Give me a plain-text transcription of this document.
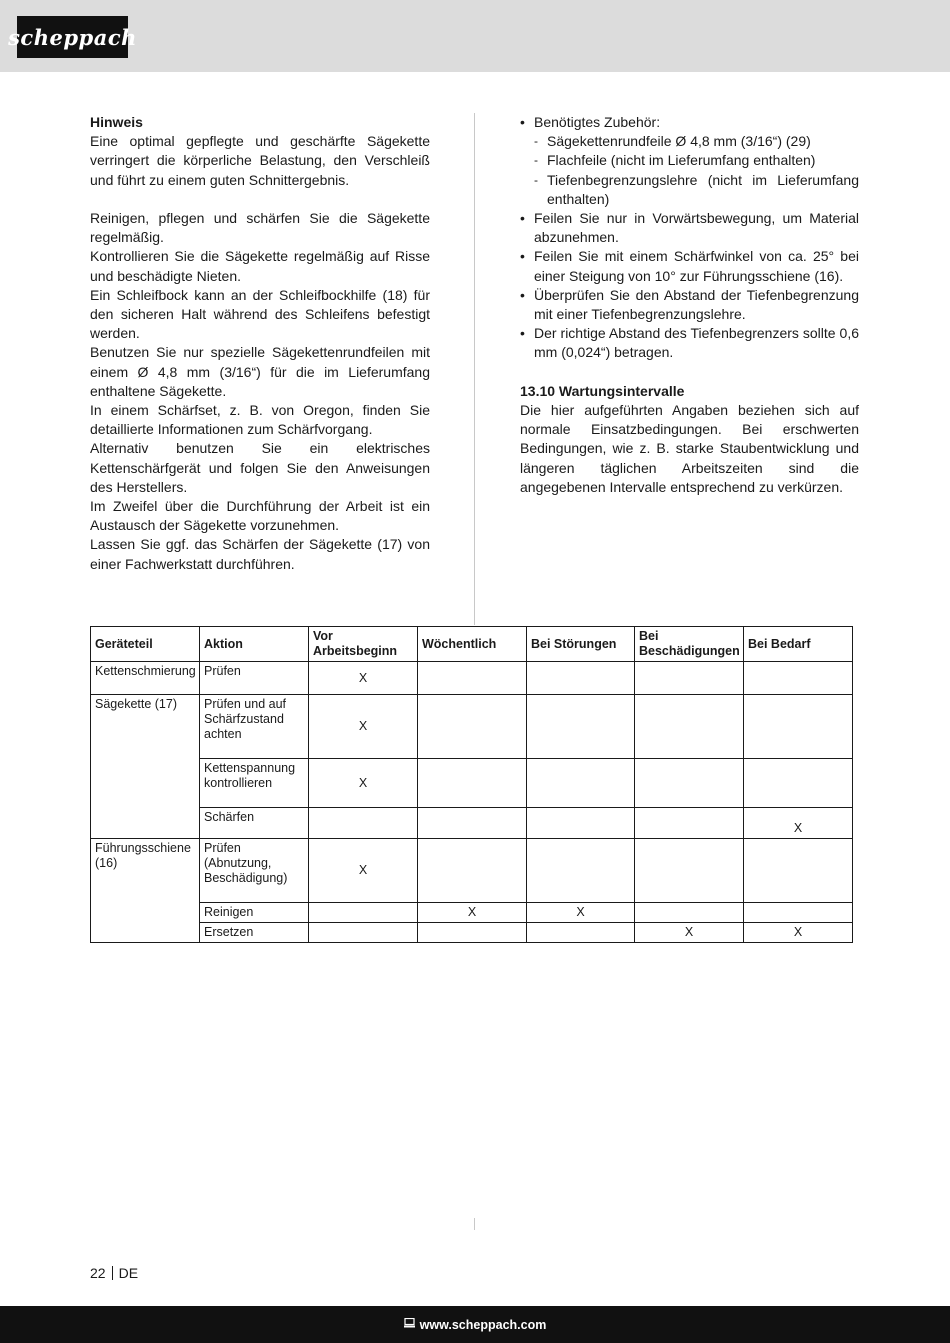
scheppach
Hinweis

Eine optimal gepflegte und geschärfte Sägekette verringert die körperliche Belastung, den Verschleiß und führt zu einem guten Schnittergebnis.

Reinigen, pflegen und schärfen Sie die Sägekette regelmäßig.

Kontrollieren Sie die Sägekette regelmäßig auf Risse und beschädigte Nieten.

Ein Schleifbock kann an der Schleifbockhilfe (18) für den sicheren Halt während des Schleifens befestigt werden.

Benutzen Sie nur spezielle Sägekettenrundfeilen mit einem Ø 4,8 mm (3/16“) für die im Lieferumfang enthaltene Sägekette.

In einem Schärfset, z. B. von Oregon, finden Sie detaillierte Informationen zum Schärfvorgang.

Alternativ benutzen Sie ein elektrisches Kettenschärfgerät und folgen Sie den Anweisungen des Herstellers.

Im Zweifel über die Durchführung der Arbeit ist ein Austausch der Sägekette vorzunehmen.

Lassen Sie ggf. das Schärfen der Sägekette (17) von einer Fachwerkstatt durchführen.

• Benötigtes Zubehör:
- Sägekettenrundfeile Ø 4,8 mm (3/16“) (29)
- Flachfeile (nicht im Lieferumfang enthalten)
- Tiefenbegrenzungslehre (nicht im Lieferumfang enthalten)
• Feilen Sie nur in Vorwärtsbewegung, um Material abzunehmen.
• Feilen Sie mit einem Schärfwinkel von ca. 25° bei einer Steigung von 10° zur Führungsschiene (16).
• Überprüfen Sie den Abstand der Tiefenbegrenzung mit einer Tiefenbegrenzungslehre.
• Der richtige Abstand des Tiefenbegrenzers sollte 0,6 mm (0,024“) betragen.
13.10 Wartungsintervalle

Die hier aufgeführten Angaben beziehen sich auf normale Einsatzbedingungen. Bei erschwerten Bedingungen, wie z. B. starke Staubentwicklung und längeren täglichen Arbeitszeiten sind die angegebenen Intervalle entsprechend zu verkürzen.

Geräteteil	Aktion	Vor Arbeitsbeginn	Wöchentlich	Bei Störungen	Bei Beschädigungen	Bei Bedarf
Kettenschmierung	Prüfen	X				
Sägekette (17)	Prüfen und auf Schärfzustand achten	X				
	Kettenspannung kontrollieren	X				
	Schärfen					X
Führungsschiene (16)	Prüfen (Abnutzung, Beschädigung)	X				
	Reinigen		X	X		
	Ersetzen				X	X
22 DE
www.scheppach.com
